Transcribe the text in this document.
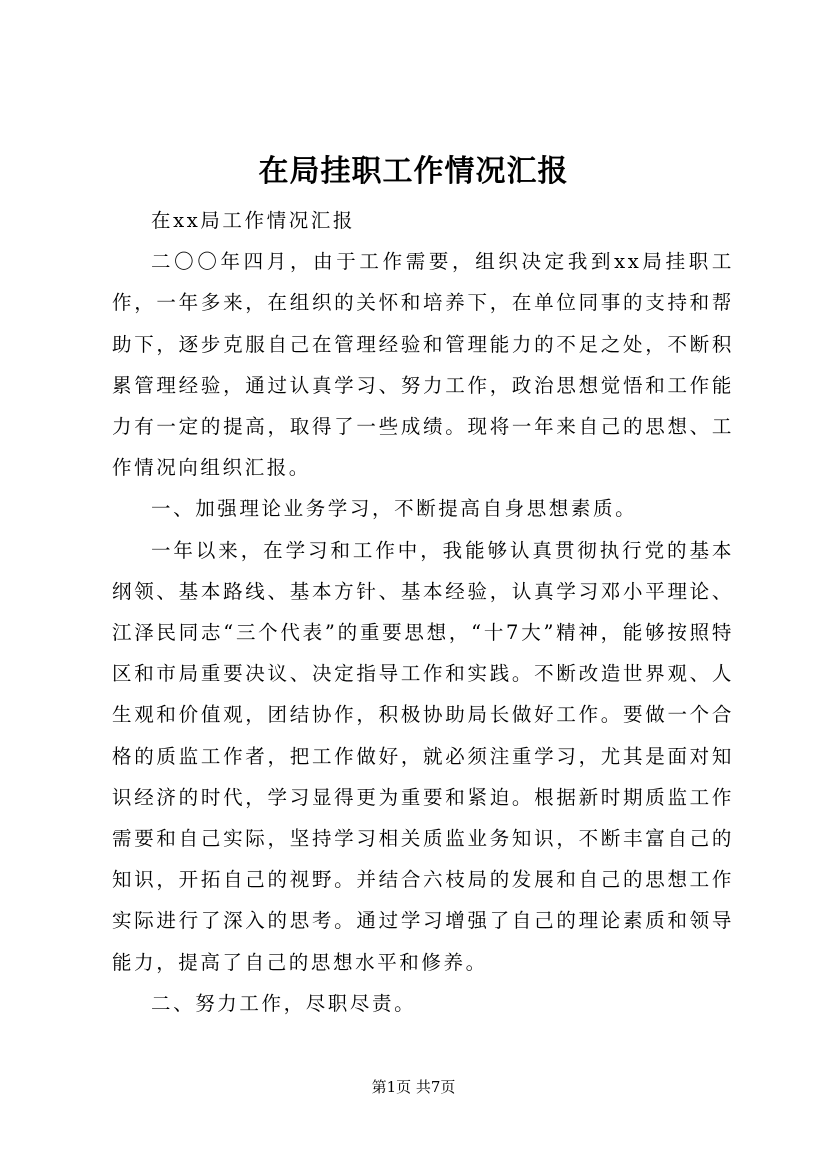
在局挂职工作情况汇报

在xx局工作情况汇报

二〇〇年四月，由于工作需要，组织决定我到xx局挂职工作，一年多来，在组织的关怀和培养下，在单位同事的支持和帮助下，逐步克服自己在管理经验和管理能力的不足之处，不断积累管理经验，通过认真学习、努力工作，政治思想觉悟和工作能力有一定的提高，取得了一些成绩。现将一年来自己的思想、工作情况向组织汇报。

一、加强理论业务学习，不断提高自身思想素质。

一年以来，在学习和工作中，我能够认真贯彻执行党的基本纲领、基本路线、基本方针、基本经验，认真学习邓小平理论、江泽民同志“三个代表”的重要思想，“十7大”精神，能够按照特区和市局重要决议、决定指导工作和实践。不断改造世界观、人生观和价值观，团结协作，积极协助局长做好工作。要做一个合格的质监工作者，把工作做好，就必须注重学习，尤其是面对知识经济的时代，学习显得更为重要和紧迫。根据新时期质监工作需要和自己实际，坚持学习相关质监业务知识，不断丰富自己的知识，开拓自己的视野。并结合六枝局的发展和自己的思想工作实际进行了深入的思考。通过学习增强了自己的理论素质和领导能力，提高了自己的思想水平和修养。

二、努力工作，尽职尽责。

第1页 共7页
